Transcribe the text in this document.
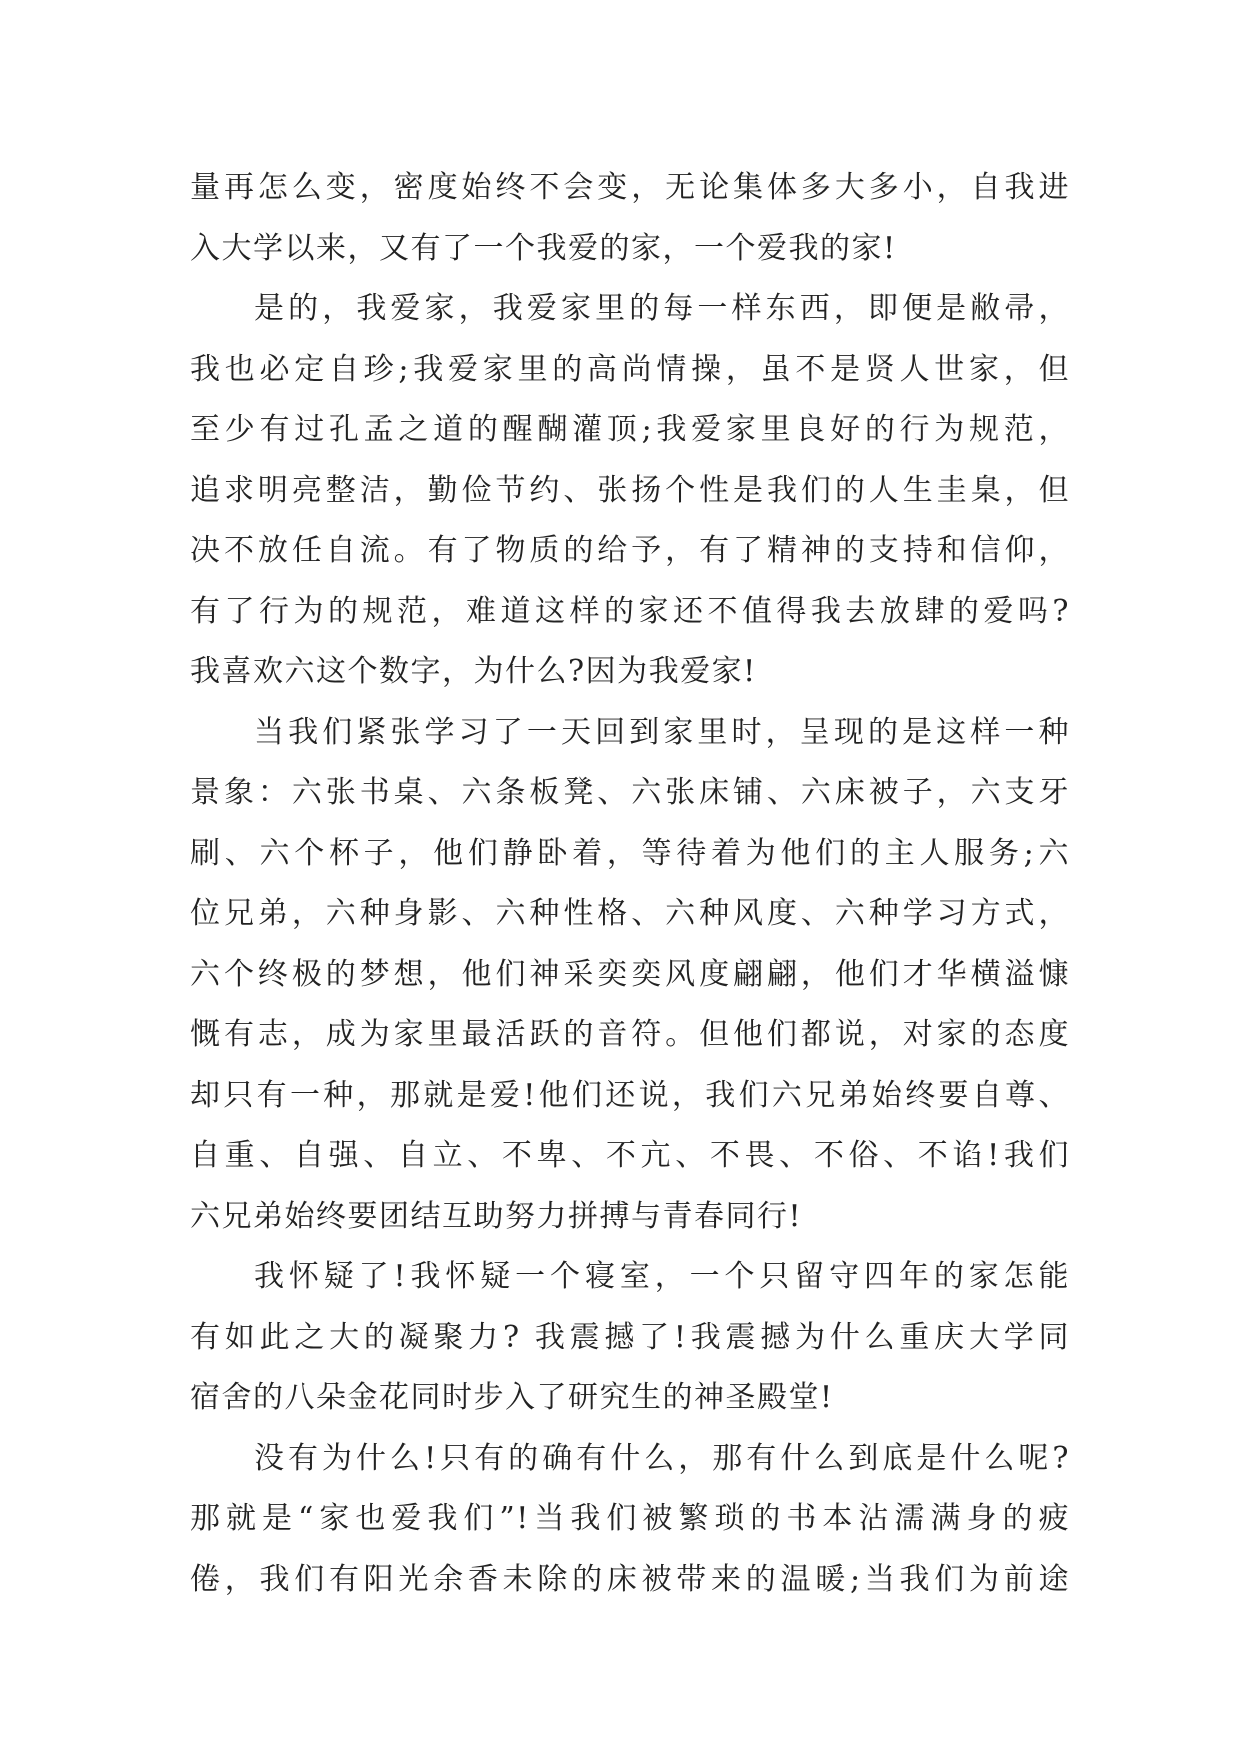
量再怎么变，密度始终不会变，无论集体多大多小，自我进
入大学以来，又有了一个我爱的家，一个爱我的家!
是的，我爱家，我爱家里的每一样东西，即便是敝帚，
我也必定自珍;我爱家里的高尚情操，虽不是贤人世家，但
至少有过孔孟之道的醒醐灌顶;我爱家里良好的行为规范，
追求明亮整洁，勤俭节约、张扬个性是我们的人生圭臬，但
决不放任自流。有了物质的给予，有了精神的支持和信仰，
有了行为的规范，难道这样的家还不值得我去放肆的爱吗?
我喜欢六这个数字，为什么?因为我爱家!
当我们紧张学习了一天回到家里时，呈现的是这样一种
景象：六张书桌、六条板凳、六张床铺、六床被子，六支牙
刷、六个杯子，他们静卧着，等待着为他们的主人服务;六
位兄弟，六种身影、六种性格、六种风度、六种学习方式，
六个终极的梦想，他们神采奕奕风度翩翩，他们才华横溢慷
慨有志，成为家里最活跃的音符。但他们都说，对家的态度
却只有一种，那就是爱!他们还说，我们六兄弟始终要自尊、
自重、自强、自立、不卑、不亢、不畏、不俗、不谄!我们
六兄弟始终要团结互助努力拼搏与青春同行!
我怀疑了!我怀疑一个寝室，一个只留守四年的家怎能
有如此之大的凝聚力? 我震撼了!我震撼为什么重庆大学同
宿舍的八朵金花同时步入了研究生的神圣殿堂!
没有为什么!只有的确有什么，那有什么到底是什么呢?
那就是“家也爱我们”!当我们被繁琐的书本沾濡满身的疲
倦，我们有阳光余香未除的床被带来的温暖;当我们为前途
